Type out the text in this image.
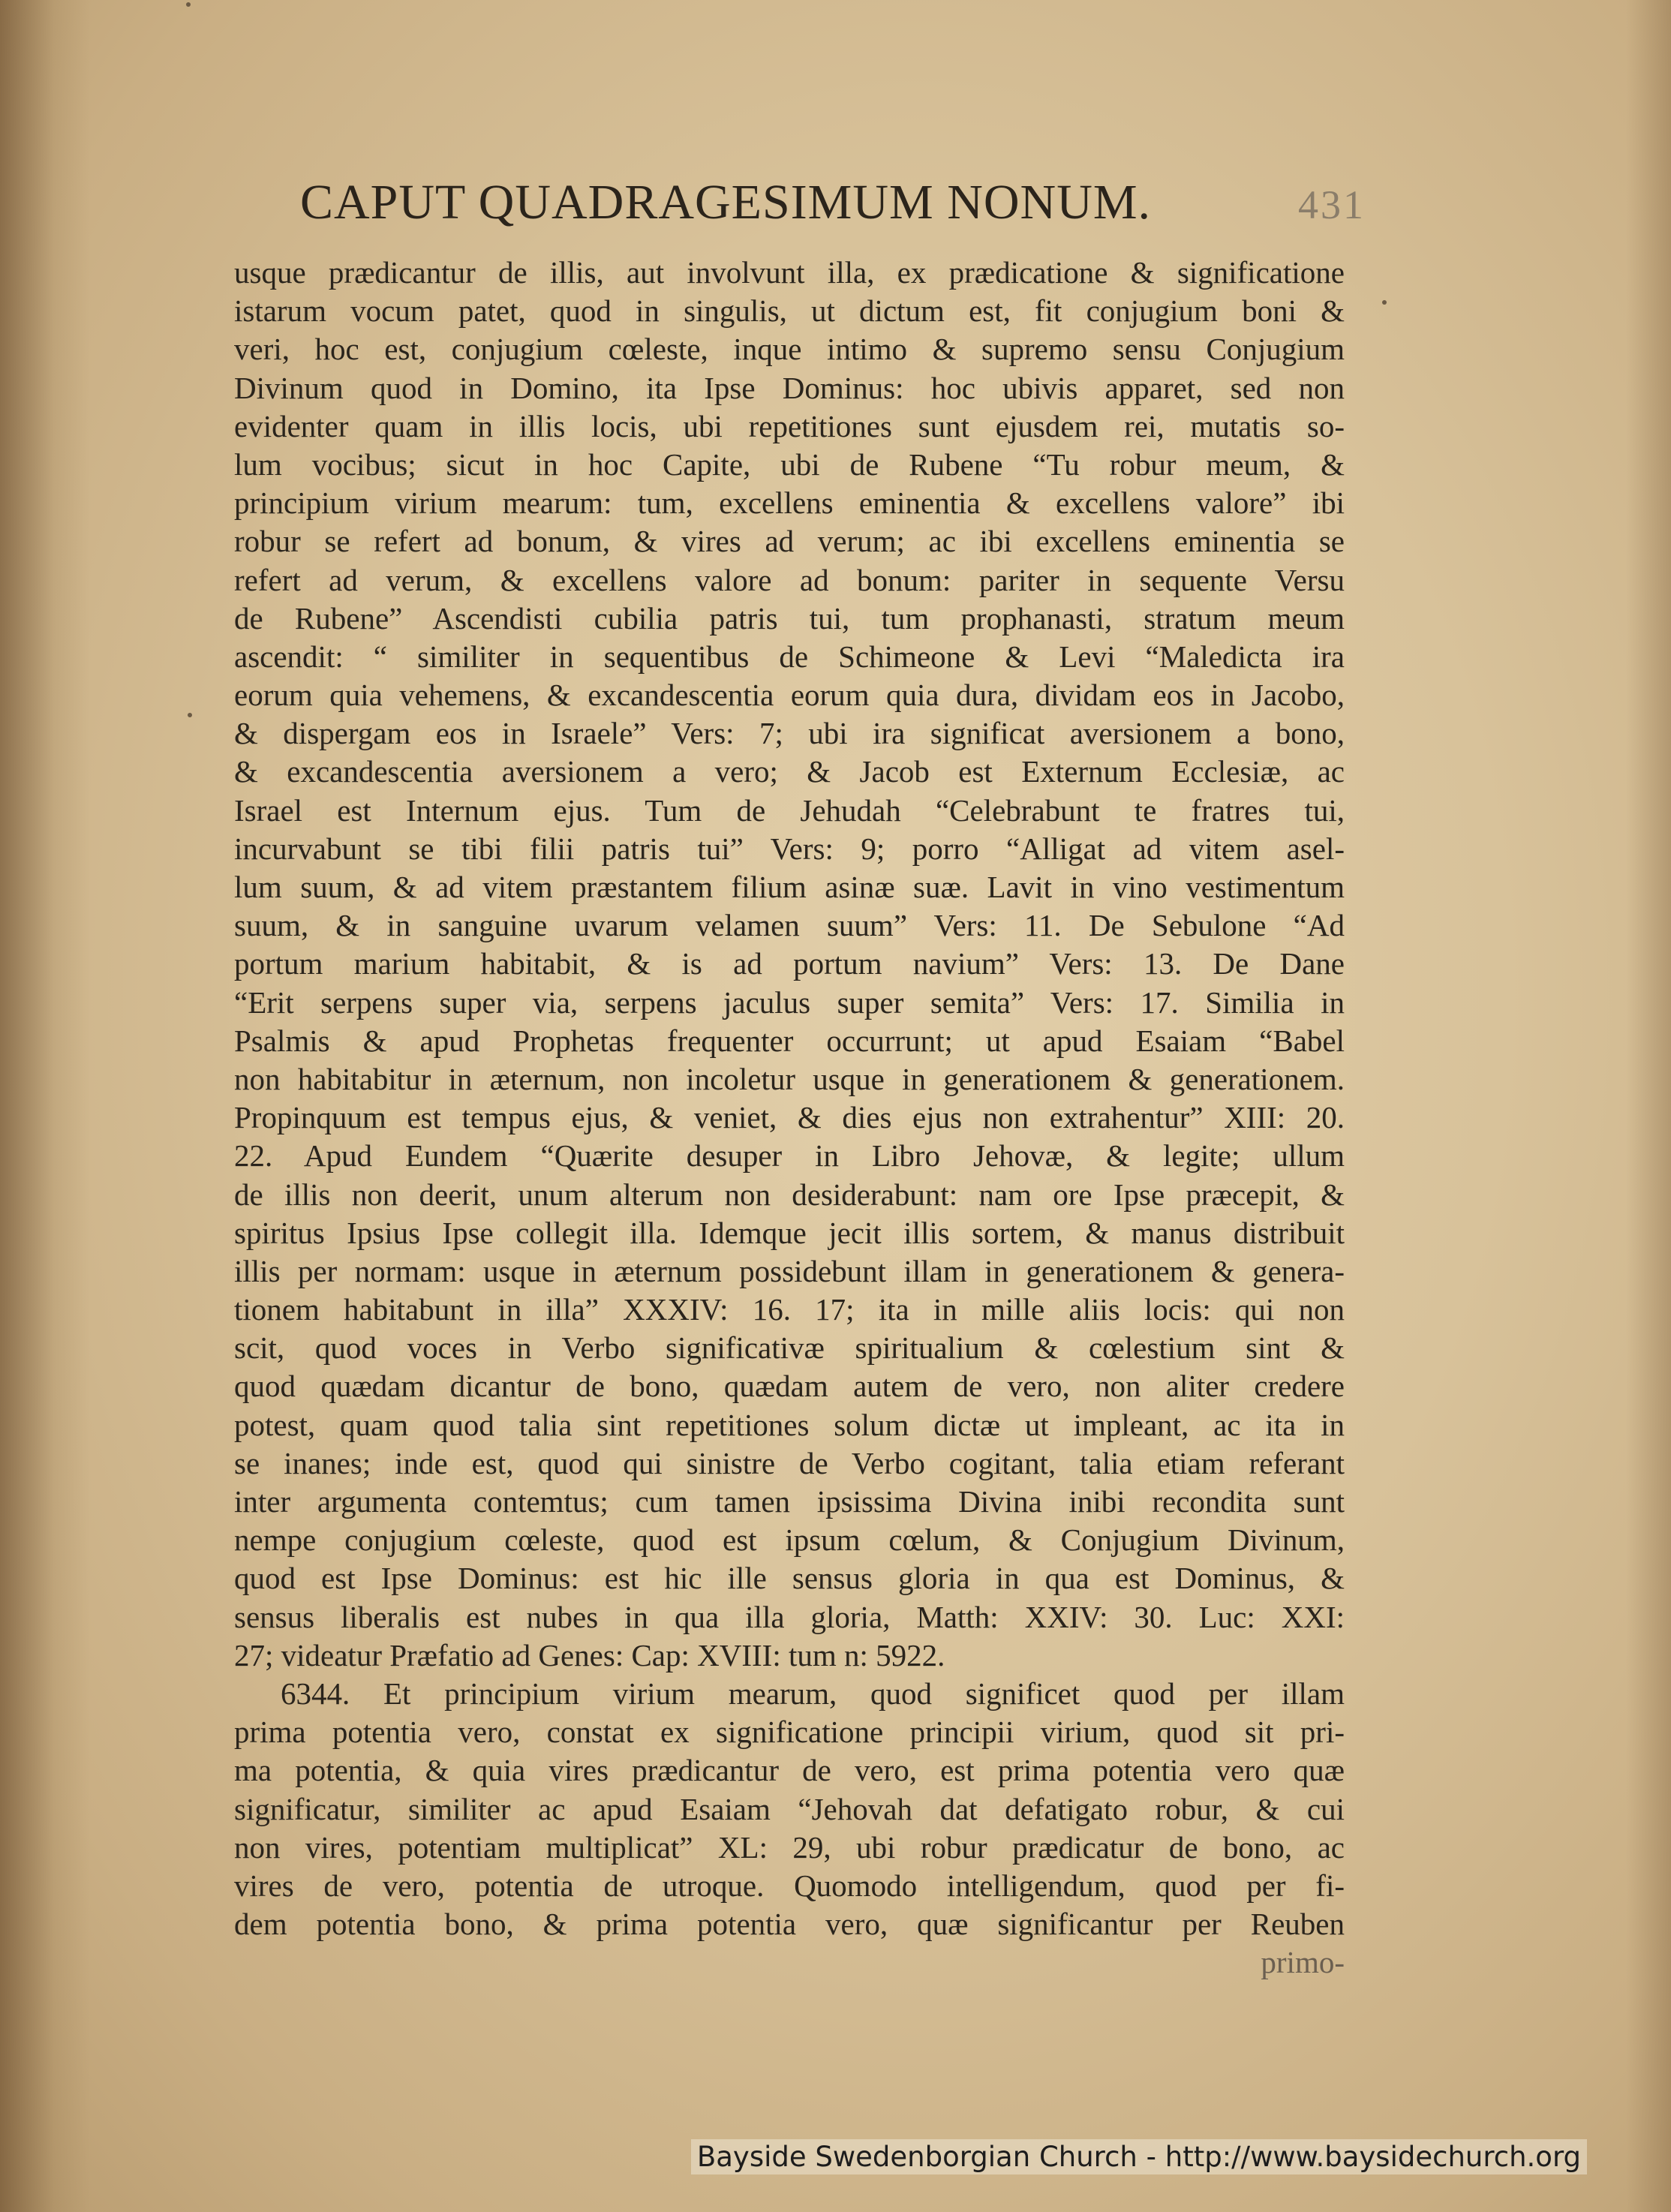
CAPUT QUADRAGESIMUM NONUM.	431
usque prædicantur de illis, aut involvunt illa, ex prædicatione & significatione
istarum vocum patet, quod in singulis, ut dictum est, fit conjugium boni &
veri, hoc est, conjugium cœleste, inque intimo & supremo sensu Conjugium
Divinum quod in Domino, ita Ipse Dominus: hoc ubivis apparet, sed non
evidenter quam in illis locis, ubi repetitiones sunt ejusdem rei, mutatis so-
lum vocibus; sicut in hoc Capite, ubi de Rubene “Tu robur meum, &
principium virium mearum: tum, excellens eminentia & excellens valore” ibi
robur se refert ad bonum, & vires ad verum; ac ibi excellens eminentia se
refert ad verum, & excellens valore ad bonum: pariter in sequente Versu
de Rubene” Ascendisti cubilia patris tui, tum prophanasti, stratum meum
ascendit: “ similiter in sequentibus de Schimeone & Levi “Maledicta ira
eorum quia vehemens, & excandescentia eorum quia dura, dividam eos in Jacobo,
& dispergam eos in Israele” Vers: 7; ubi ira significat aversionem a bono,
& excandescentia aversionem a vero; & Jacob est Externum Ecclesiæ, ac
Israel est Internum ejus. Tum de Jehudah “Celebrabunt te fratres tui,
incurvabunt se tibi filii patris tui” Vers: 9; porro “Alligat ad vitem asel-
lum suum, & ad vitem præstantem filium asinæ suæ. Lavit in vino vestimentum
suum, & in sanguine uvarum velamen suum” Vers: 11. De Sebulone “Ad
portum marium habitabit, & is ad portum navium” Vers: 13. De Dane
“Erit serpens super via, serpens jaculus super semita” Vers: 17. Similia in
Psalmis & apud Prophetas frequenter occurrunt; ut apud Esaiam “Babel
non habitabitur in æternum, non incoletur usque in generationem & generationem.
Propinquum est tempus ejus, & veniet, & dies ejus non extrahentur” XIII: 20.
22. Apud Eundem “Quærite desuper in Libro Jehovæ, & legite; ullum
de illis non deerit, unum alterum non desiderabunt: nam ore Ipse præcepit, &
spiritus Ipsius Ipse collegit illa. Idemque jecit illis sortem, & manus distribuit
illis per normam: usque in æternum possidebunt illam in generationem & genera-
tionem habitabunt in illa” XXXIV: 16. 17; ita in mille aliis locis: qui non
scit, quod voces in Verbo significativæ spiritualium & cœlestium sint &
quod quædam dicantur de bono, quædam autem de vero, non aliter credere
potest, quam quod talia sint repetitiones solum dictæ ut impleant, ac ita in
se inanes; inde est, quod qui sinistre de Verbo cogitant, talia etiam referant
inter argumenta contemtus; cum tamen ipsissima Divina inibi recondita sunt
nempe conjugium cœleste, quod est ipsum cœlum, & Conjugium Divinum,
quod est Ipse Dominus: est hic ille sensus gloria in qua est Dominus, &
sensus liberalis est nubes in qua illa gloria, Matth: XXIV: 30. Luc: XXI:
27; videatur Præfatio ad Genes: Cap: XVIII: tum n: 5922.
6344. Et principium virium mearum, quod significet quod per illam
prima potentia vero, constat ex significatione principii virium, quod sit pri-
ma potentia, & quia vires prædicantur de vero, est prima potentia vero quæ
significatur, similiter ac apud Esaiam “Jehovah dat defatigato robur, & cui
non vires, potentiam multiplicat” XL: 29, ubi robur prædicatur de bono, ac
vires de vero, potentia de utroque. Quomodo intelligendum, quod per fi-
dem potentia bono, & prima potentia vero, quæ significantur per Reuben
primo-
Bayside Swedenborgian Church - http://www.baysidechurch.org
